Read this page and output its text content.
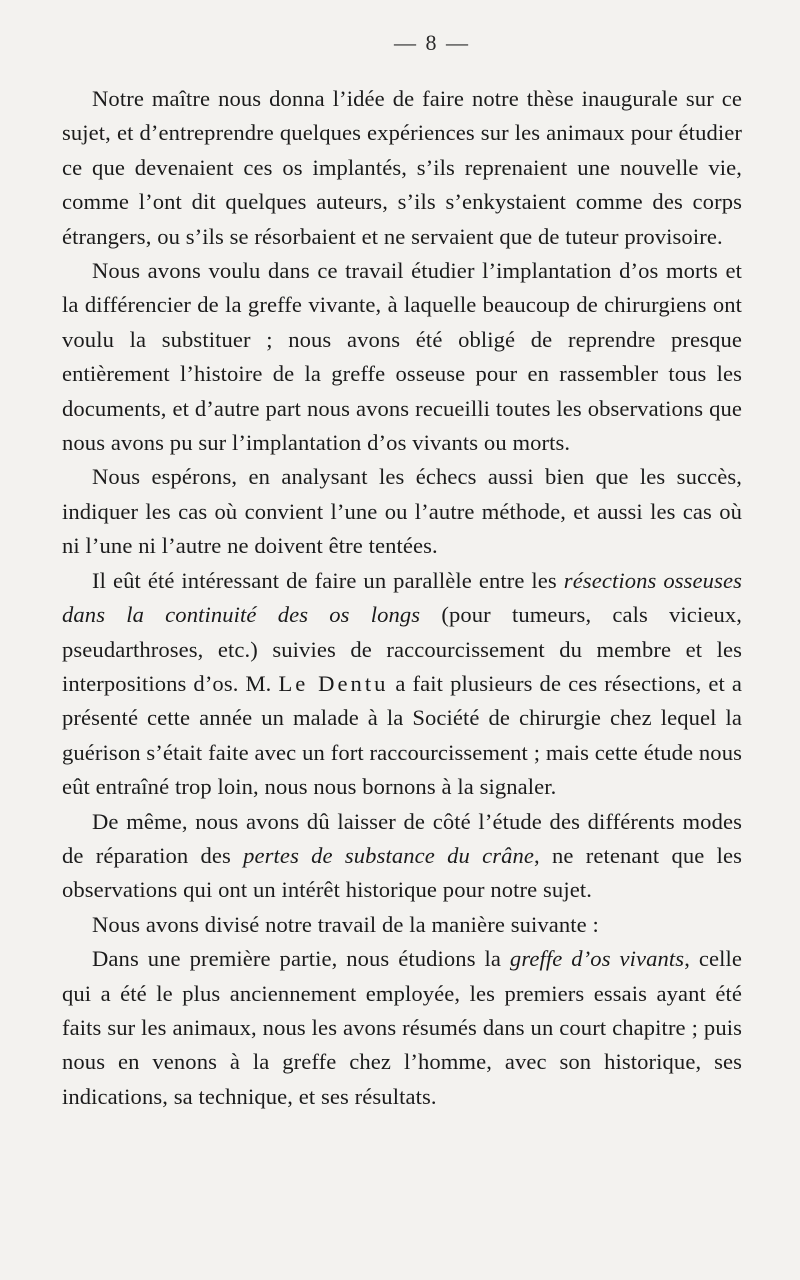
— 8 —

Notre maître nous donna l’idée de faire notre thèse inaugurale sur ce sujet, et d’entreprendre quelques expériences sur les animaux pour étudier ce que devenaient ces os implantés, s’ils reprenaient une nouvelle vie, comme l’ont dit quelques auteurs, s’ils s’enkystaient comme des corps étrangers, ou s’ils se résorbaient et ne servaient que de tuteur provisoire.

Nous avons voulu dans ce travail étudier l’implantation d’os morts et la différencier de la greffe vivante, à laquelle beaucoup de chirurgiens ont voulu la substituer ; nous avons été obligé de reprendre presque entièrement l’histoire de la greffe osseuse pour en rassembler tous les documents, et d’autre part nous avons recueilli toutes les observations que nous avons pu sur l’implantation d’os vivants ou morts.

Nous espérons, en analysant les échecs aussi bien que les succès, indiquer les cas où convient l’une ou l’autre méthode, et aussi les cas où ni l’une ni l’autre ne doivent être tentées.

Il eût été intéressant de faire un parallèle entre les résections osseuses dans la continuité des os longs (pour tumeurs, cals vicieux, pseudarthroses, etc.) suivies de raccourcissement du membre et les interpositions d’os. M. Le Dentu a fait plusieurs de ces résections, et a présenté cette année un malade à la Société de chirurgie chez lequel la guérison s’était faite avec un fort raccourcissement ; mais cette étude nous eût entraîné trop loin, nous nous bornons à la signaler.

De même, nous avons dû laisser de côté l’étude des différents modes de réparation des pertes de substance du crâne, ne retenant que les observations qui ont un intérêt historique pour notre sujet.

Nous avons divisé notre travail de la manière suivante :

Dans une première partie, nous étudions la greffe d’os vivants, celle qui a été le plus anciennement employée, les premiers essais ayant été faits sur les animaux, nous les avons résumés dans un court chapitre ; puis nous en venons à la greffe chez l’homme, avec son historique, ses indications, sa technique, et ses résultats.
